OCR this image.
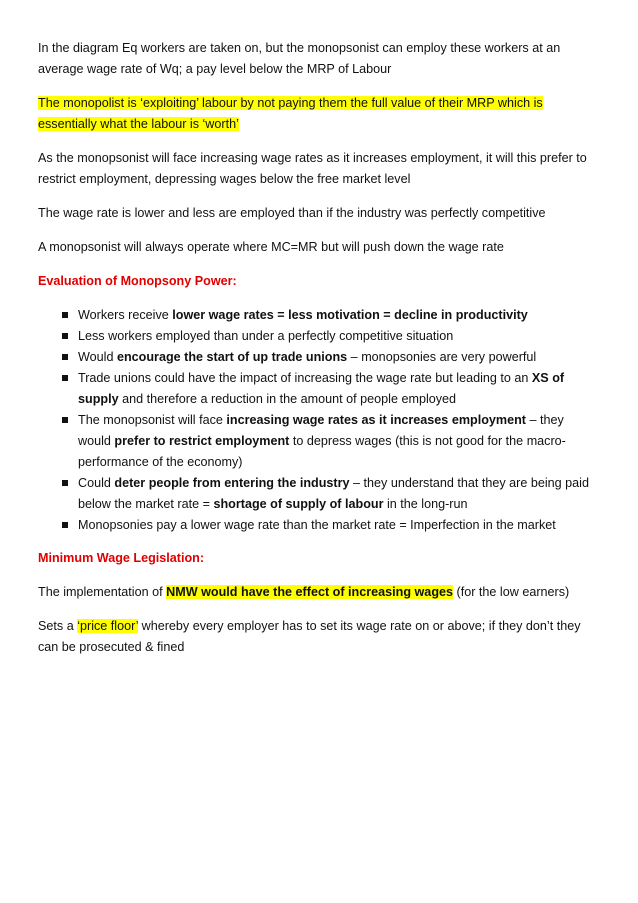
In the diagram Eq workers are taken on, but the monopsonist can employ these workers at an average wage rate of Wq; a pay level below the MRP of Labour

The monopolist is ‘exploiting’ labour by not paying them the full value of their MRP which is essentially what the labour is ‘worth’

As the monopsonist will face increasing wage rates as it increases employment, it will this prefer to restrict employment, depressing wages below the free market level

The wage rate is lower and less are employed than if the industry was perfectly competitive

A monopsonist will always operate where MC=MR but will push down the wage rate

Evaluation of Monopsony Power:

Workers receive lower wage rates = less motivation = decline in productivity
Less workers employed than under a perfectly competitive situation
Would encourage the start of up trade unions – monopsonies are very powerful
Trade unions could have the impact of increasing the wage rate but leading to an XS of supply and therefore a reduction in the amount of people employed
The monopsonist will face increasing wage rates as it increases employment – they would prefer to restrict employment to depress wages (this is not good for the macro-performance of the economy)
Could deter people from entering the industry – they understand that they are being paid below the market rate = shortage of supply of labour in the long-run
Monopsonies pay a lower wage rate than the market rate = Imperfection in the market

Minimum Wage Legislation:

The implementation of NMW would have the effect of increasing wages (for the low earners)

Sets a ‘price floor’ whereby every employer has to set its wage rate on or above; if they don’t they can be prosecuted & fined
